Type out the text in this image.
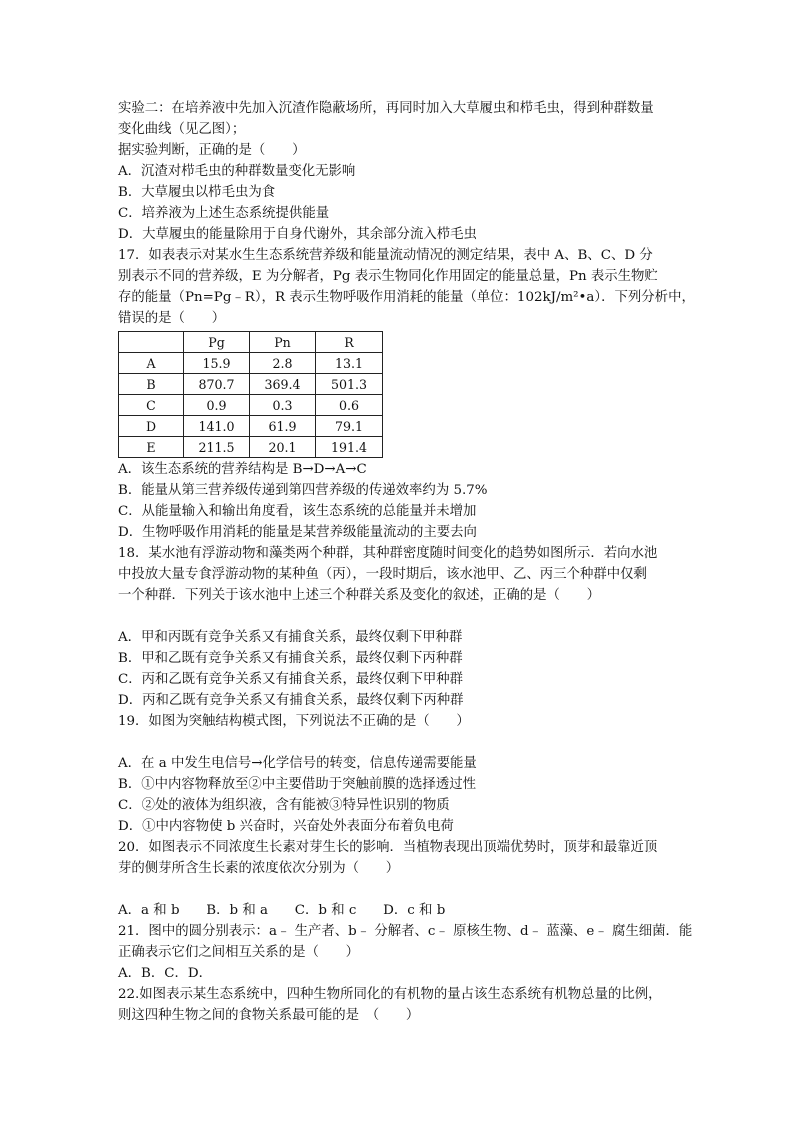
实验二：在培养液中先加入沉渣作隐蔽场所，再同时加入大草履虫和栉毛虫，得到种群数量
变化曲线（见乙图）；
据实验判断，正确的是（　　）
A．沉渣对栉毛虫的种群数量变化无影响
B．大草履虫以栉毛虫为食
C．培养液为上述生态系统提供能量
D．大草履虫的能量除用于自身代谢外，其余部分流入栉毛虫
17．如表表示对某水生生态系统营养级和能量流动情况的测定结果，表中 A、B、C、D 分
别表示不同的营养级，E 为分解者，Pg 表示生物同化作用固定的能量总量，Pn 表示生物贮
存的能量（Pn=Pg﹣R），R 表示生物呼吸作用消耗的能量（单位：102kJ/m²•a）．下列分析中，
错误的是（　　）
	Pg	Pn	R
A	15.9	2.8	13.1
B	870.7	369.4	501.3
C	0.9	0.3	0.6
D	141.0	61.9	79.1
E	211.5	20.1	191.4
A．该生态系统的营养结构是 B→D→A→C
B．能量从第三营养级传递到第四营养级的传递效率约为 5.7%
C．从能量输入和输出角度看，该生态系统的总能量并未增加
D．生物呼吸作用消耗的能量是某营养级能量流动的主要去向
18．某水池有浮游动物和藻类两个种群，其种群密度随时间变化的趋势如图所示．若向水池
中投放大量专食浮游动物的某种鱼（丙），一段时期后，该水池甲、乙、丙三个种群中仅剩
一个种群．下列关于该水池中上述三个种群关系及变化的叙述，正确的是（　　）
A．甲和丙既有竞争关系又有捕食关系，最终仅剩下甲种群
B．甲和乙既有竞争关系又有捕食关系，最终仅剩下丙种群
C．丙和乙既有竞争关系又有捕食关系，最终仅剩下甲种群
D．丙和乙既有竞争关系又有捕食关系，最终仅剩下丙种群
19．如图为突触结构模式图，下列说法不正确的是（　　）
A．在 a 中发生电信号→化学信号的转变，信息传递需要能量
B．①中内容物释放至②中主要借助于突触前膜的选择透过性
C．②处的液体为组织液，含有能被③特异性识别的物质
D．①中内容物使 b 兴奋时，兴奋处外表面分布着负电荷
20．如图表示不同浓度生长素对芽生长的影响．当植物表现出顶端优势时，顶芽和最靠近顶
芽的侧芽所含生长素的浓度依次分别为（　　）
A．a 和 b　　B．b 和 a　　C．b 和 c　　D．c 和 b
21．图中的圆分别表示：a﹣ 生产者、b﹣ 分解者、c﹣ 原核生物、d﹣ 蓝藻、e﹣ 腐生细菌．能
正确表示它们之间相互关系的是（　　）
A．B．C．D．
22.如图表示某生态系统中，四种生物所同化的有机物的量占该生态系统有机物总量的比例，
则这四种生物之间的食物关系最可能的是　（　　）
